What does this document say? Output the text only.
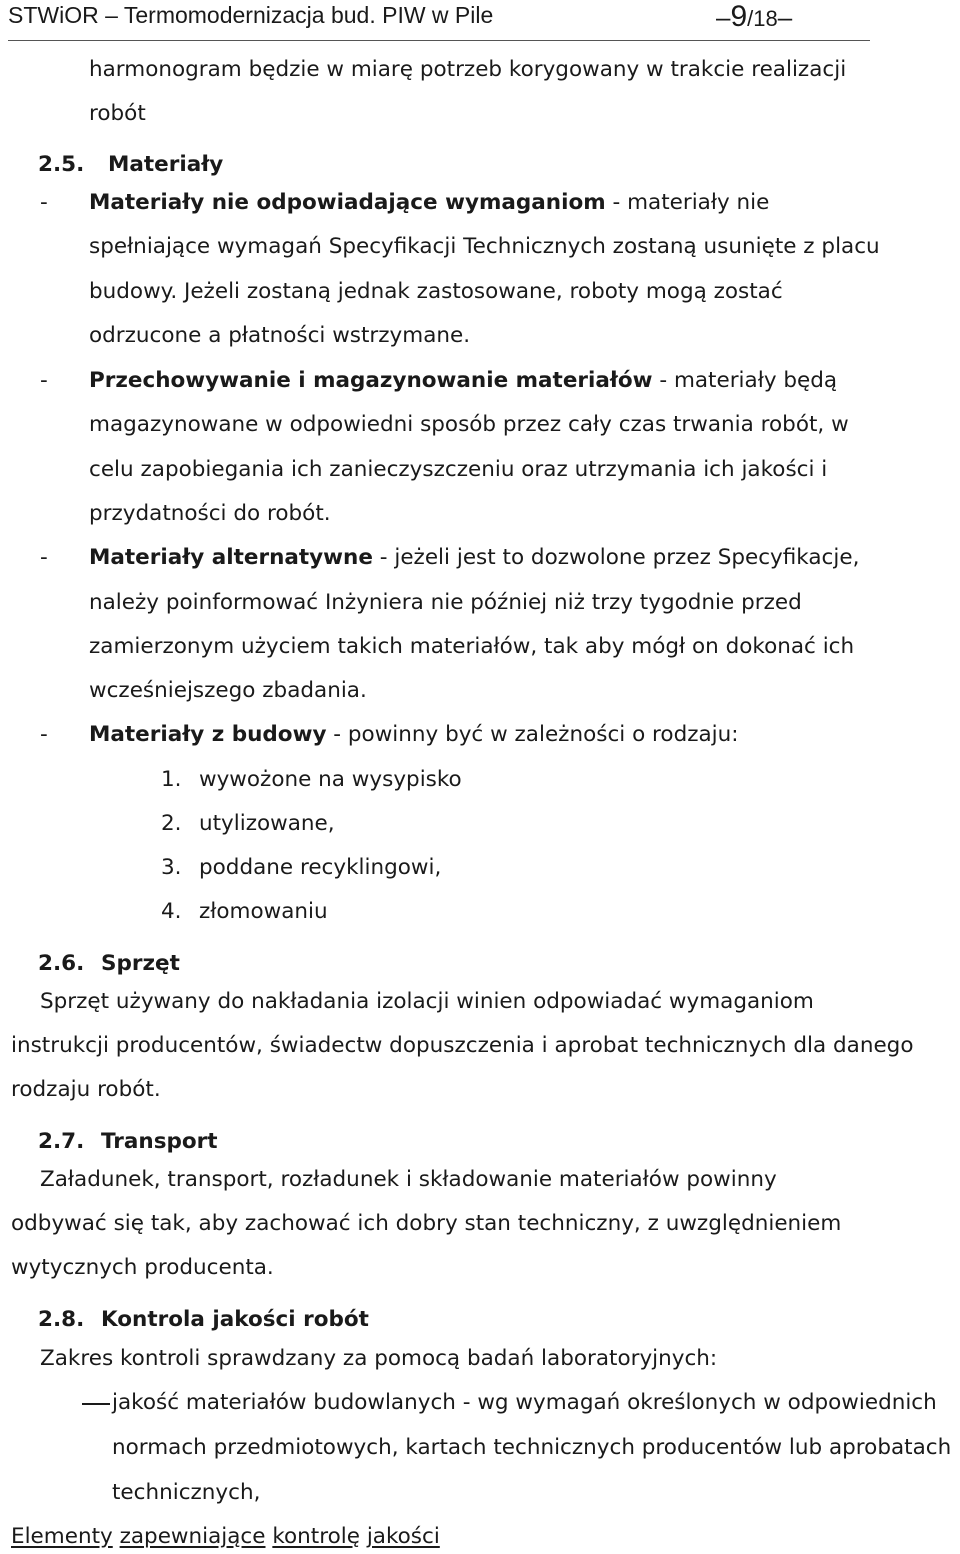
STWiOR – Termomodernizacja bud. PIW w Pile	–9/18–
harmonogram będzie w miarę potrzeb korygowany w trakcie realizacji
robót
2.5. Materiały
- Materiały nie odpowiadające wymaganiom - materiały nie
spełniające wymagań Specyfikacji Technicznych zostaną usunięte z placu
budowy. Jeżeli zostaną jednak zastosowane, roboty mogą zostać
odrzucone a płatności wstrzymane.
- Przechowywanie i magazynowanie materiałów - materiały będą
magazynowane w odpowiedni sposób przez cały czas trwania robót, w
celu zapobiegania ich zanieczyszczeniu oraz utrzymania ich jakości i
przydatności do robót.
- Materiały alternatywne - jeżeli jest to dozwolone przez Specyfikacje,
należy poinformować Inżyniera nie później niż trzy tygodnie przed
zamierzonym użyciem takich materiałów, tak aby mógł on dokonać ich
wcześniejszego zbadania.
- Materiały z budowy - powinny być w zależności o rodzaju:
1. wywożone na wysypisko
2. utylizowane,
3. poddane recyklingowi,
4. złomowaniu
2.6. Sprzęt
Sprzęt używany do nakładania izolacji winien odpowiadać wymaganiom
instrukcji producentów, świadectw dopuszczenia i aprobat technicznych dla danego
rodzaju robót.
2.7. Transport
Załadunek, transport, rozładunek i składowanie materiałów powinny
odbywać się tak, aby zachować ich dobry stan techniczny, z uwzględnieniem
wytycznych producenta.
2.8. Kontrola jakości robót
Zakres kontroli sprawdzany za pomocą badań laboratoryjnych:
jakość materiałów budowlanych - wg wymagań określonych w odpowiednich
normach przedmiotowych, kartach technicznych producentów lub aprobatach
technicznych,
Elementy zapewniające kontrolę jakości
